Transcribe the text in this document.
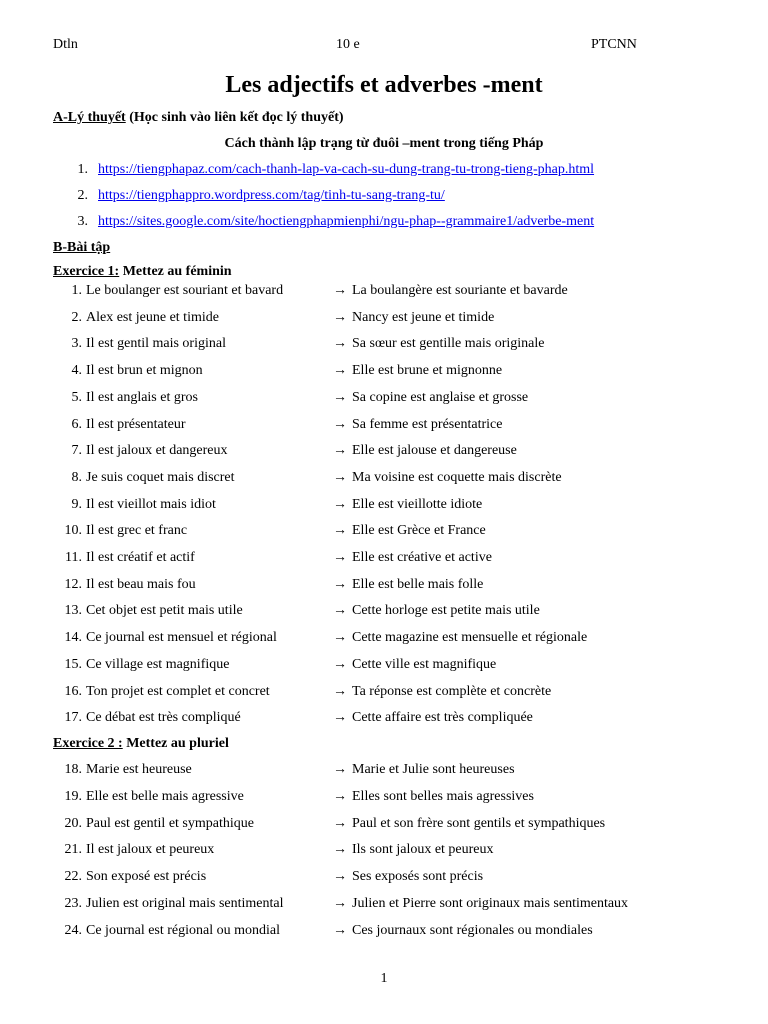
Dtln	10 e	PTCNN
Les adjectifs et adverbes -ment
A-Lý thuyết (Học sinh vào liên kết đọc lý thuyết)
Cách thành lập trạng từ đuôi –ment trong tiếng Pháp
1. https://tiengphapaz.com/cach-thanh-lap-va-cach-su-dung-trang-tu-trong-tieng-phap.html
2. https://tiengphappro.wordpress.com/tag/tinh-tu-sang-trang-tu/
3. https://sites.google.com/site/hoctiengphapmienphi/ngu-phap--grammaire1/adverbe-ment
B-Bài tập
Exercice 1: Mettez au féminin
1. Le boulanger est souriant et bavard	→ La boulangère est souriante et bavarde
2. Alex est jeune et timide	→ Nancy est jeune et timide
3. Il est gentil mais original	→ Sa sœur est gentille mais originale
4. Il est brun et mignon	→ Elle est brune et mignonne
5. Il est anglais et gros	→ Sa copine est anglaise et grosse
6. Il est présentateur	→ Sa femme est présentatrice
7. Il est jaloux et dangereux	→ Elle est jalouse et dangereuse
8. Je suis coquet mais discret	→ Ma voisine est coquette mais discrète
9. Il est vieillot mais idiot	→ Elle est vieillotte idiote
10. Il est grec et franc	→ Elle est Grèce et France
11. Il est créatif et actif	→ Elle est créative et active
12. Il est beau mais fou	→ Elle est belle mais folle
13. Cet objet est petit mais utile	→ Cette horloge est petite mais utile
14. Ce journal est mensuel et régional	→ Cette magazine est mensuelle et régionale
15. Ce village est magnifique	→ Cette ville est magnifique
16. Ton projet est complet et concret	→ Ta réponse est complète et concrète
17. Ce débat est très compliqué	→ Cette affaire est très compliquée
Exercice 2 : Mettez au pluriel
18. Marie est heureuse	→ Marie et Julie sont heureuses
19. Elle est belle mais agressive	→ Elles sont belles mais agressives
20. Paul est gentil et sympathique	→ Paul et son frère sont gentils et sympathiques
21. Il est jaloux et peureux	→ Ils sont jaloux et peureux
22. Son exposé est précis	→ Ses exposés sont précis
23. Julien est original mais sentimental	→ Julien et Pierre sont originaux mais sentimentaux
24. Ce journal est régional ou mondial	→ Ces journaux sont régionales ou mondiales
1
